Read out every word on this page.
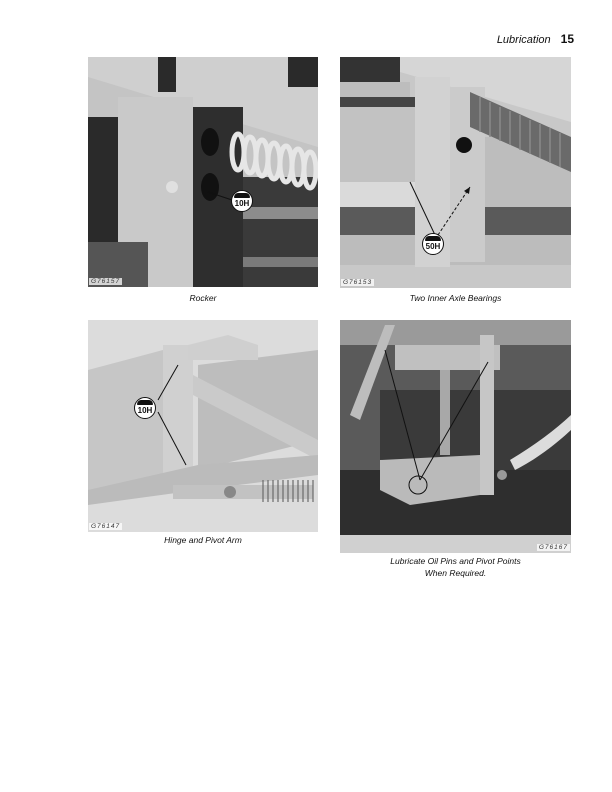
Lubrication 15
10H
G76157
Rocker
50H
G76153
Two Inner Axle Bearings
10H
G76147
Hinge and Pivot Arm
G76167
Lubricate Oil Pins and Pivot Points
When Required.
